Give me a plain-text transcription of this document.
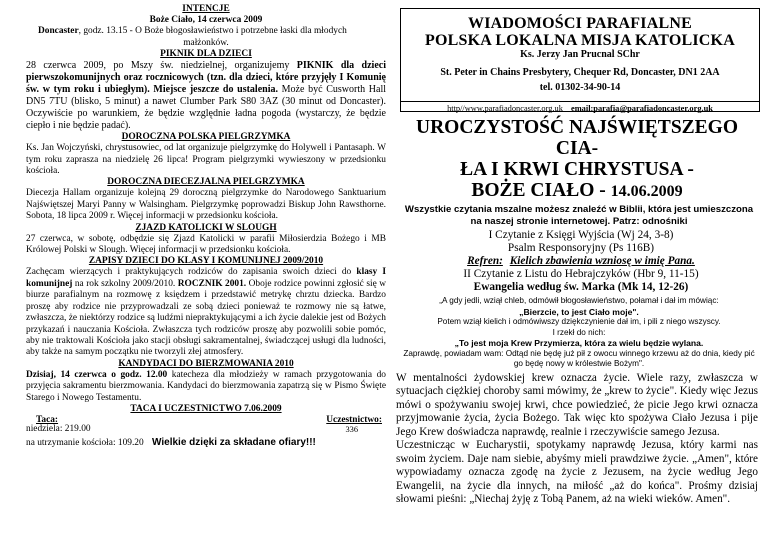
INTENCJE
Boże Ciało, 14 czerwca 2009
Doncaster, godz. 13.15 - O Boże błogosławieństwo i potrzebne łaski dla młodych
małżonków.
PIKNIK DLA DZIECI
28 czerwca 2009, po Mszy św. niedzielnej, organizujemy PIKNIK dla dzieci pierwszokomunijnych oraz rocznicowych (tzn. dla dzieci, które przyjęły I Komunię św. w tym roku i ubiegłym). Miejsce jeszcze do ustalenia. Może być Cusworth Hall DN5 7TU (blisko, 5 minut) a nawet Clumber Park S80 3AZ (30 minut od Doncaster). Oczywiście po warunkiem, że będzie względnie ładna pogoda (wystarczy, że będzie ciepło i nie będzie padać).
DOROCZNA POLSKA PIELGRZYMKA
Ks. Jan Wojczyński, chrystusowiec, od lat organizuje pielgrzymkę do Holywell i Pantasaph. W tym roku zaprasza na niedzielę 26 lipca! Program pielgrzymki wywieszony w przedsionku kościoła.
DOROCZNA DIECEZJALNA PIELGRZYMKA
Diecezja Hallam organizuje kolejną 29 doroczną pielgrzymke do Narodowego Sanktuarium Najświętszej Maryi Panny w Walsingham. Pielgrzymkę poprowadzi Biskup John Rawsthorne. Sobota, 18 lipca 2009 r. Więcej informacji w przedsionku kościoła.
ZJAZD KATOLICKI W SLOUGH
27 czerwca, w sobotę, odbędzie się Zjazd Katolicki w parafii Miłosierdzia Bożego i MB Królowej Polski w Slough. Więcej informacji w przedsionku kościoła.
ZAPISY DZIECI DO KLASY I KOMUNIJNEJ 2009/2010
Zachęcam wierzących i praktykujących rodziców do zapisania swoich dzieci do klasy I komunijnej na rok szkolny 2009/2010. ROCZNIK 2001. Oboje rodzice powinni zgłosić się w biurze parafialnym na rozmowę z księdzem i przedstawić metrykę chrztu dziecka. Bardzo proszę aby rodzice nie przyprowadzali ze sobą dzieci ponieważ te rozmowy nie są łatwe, zwłaszcza, że niektórzy rodzice są ludźmi niepraktykującymi a ich życie dalekie jest od Bożych przykazań i nauczania Kościoła. Zwłaszcza tych rodziców proszę aby pozwolili sobie pomóc, aby nie traktowali Kościoła jako stacji obsługi sakramentalnej, świadczącej usługi dla ludności, aby także na samym początku nie tworzyli złej atmosfery.
KANDYDACI DO BIERZMOWANIA 2010
Dzisiaj, 14 czerwca o godz. 12.00 katecheza dla młodzieży w ramach przygotowania do przyjęcia sakramentu bierzmowania. Kandydaci do bierzmowania zapatrzą się w Pismo Święte Starego i Nowego Testamentu.
TACA I UCZESTNICTWO 7.06.2009
Taca:	Uczestnictwo:
niedziela: 219.00	336
na utrzymanie kościoła: 109.20 Wielkie dzięki za składane ofiary!!!
WIADOMOŚCI PARAFIALNE
POLSKA LOKALNA MISJA KATOLICKA
Ks. Jerzy Jan Prucnal SChr
St. Peter in Chains Presbytery, Chequer Rd, Doncaster, DN1 2AA
tel. 01302-34-90-14
http//www.parafiadoncaster.org.uk email:parafia@parafiadoncaster.org.uk
UROCZYSTOŚĆ NAJŚWIĘTSZEGO CIA-
ŁA I KRWI CHRYSTUSA -
BOŻE CIAŁO - 14.06.2009
Wszystkie czytania mszalne możesz znaleźć w Biblii, która jest umieszczona na naszej stronie internetowej. Patrz: odnośniki
I Czytanie z Księgi Wyjścia (Wj 24, 3-8)
Psalm Responsoryjny (Ps 116B)
Refren: Kielich zbawienia wzniosę w imię Pana.
II Czytanie z Listu do Hebrajczyków (Hbr 9, 11-15)
Ewangelia według św. Marka (Mk 14, 12-26)
„A gdy jedli, wziął chleb, odmówił błogosławieństwo, połamał i dał im mówiąc:
„Bierzcie, to jest Ciało moje".
Potem wziął kielich i odmówiwszy dziękczynienie dał im, i pili z niego wszyscy.
I rzekł do nich:
„To jest moja Krew Przymierza, która za wielu będzie wylana.
Zaprawdę, powiadam wam: Odtąd nie będę już pił z owocu winnego krzewu aż do dnia, kiedy pić go będę nowy w królestwie Bożym".
W mentalności żydowskiej krew oznacza życie. Wiele razy, zwłaszcza w sytuacjach ciężkiej choroby sami mówimy, że „krew to życie". Kiedy więc Jezus mówi o spożywaniu swojej krwi, chce powiedzieć, że picie Jego krwi oznacza przyjmowanie życia, życia Bożego. Tak więc kto spożywa Ciało Jezusa i pije Jego Krew doświadcza naprawdę, realnie i rzeczywiście samego Jezusa.
Uczestnicząc w Eucharystii, spotykamy naprawdę Jezusa, który karmi nas swoim życiem. Daje nam siebie, abyśmy mieli prawdziwe życie. „Amen", które wypowiadamy oznacza zgodę na życie z Jezusem, na życie według Jego Ewangelii, na życie dla innych, na miłość „aż do końca". Prośmy dzisiaj słowami pieśni: „Niechaj żyję z Tobą Panem, aż na wieki wieków. Amen".
